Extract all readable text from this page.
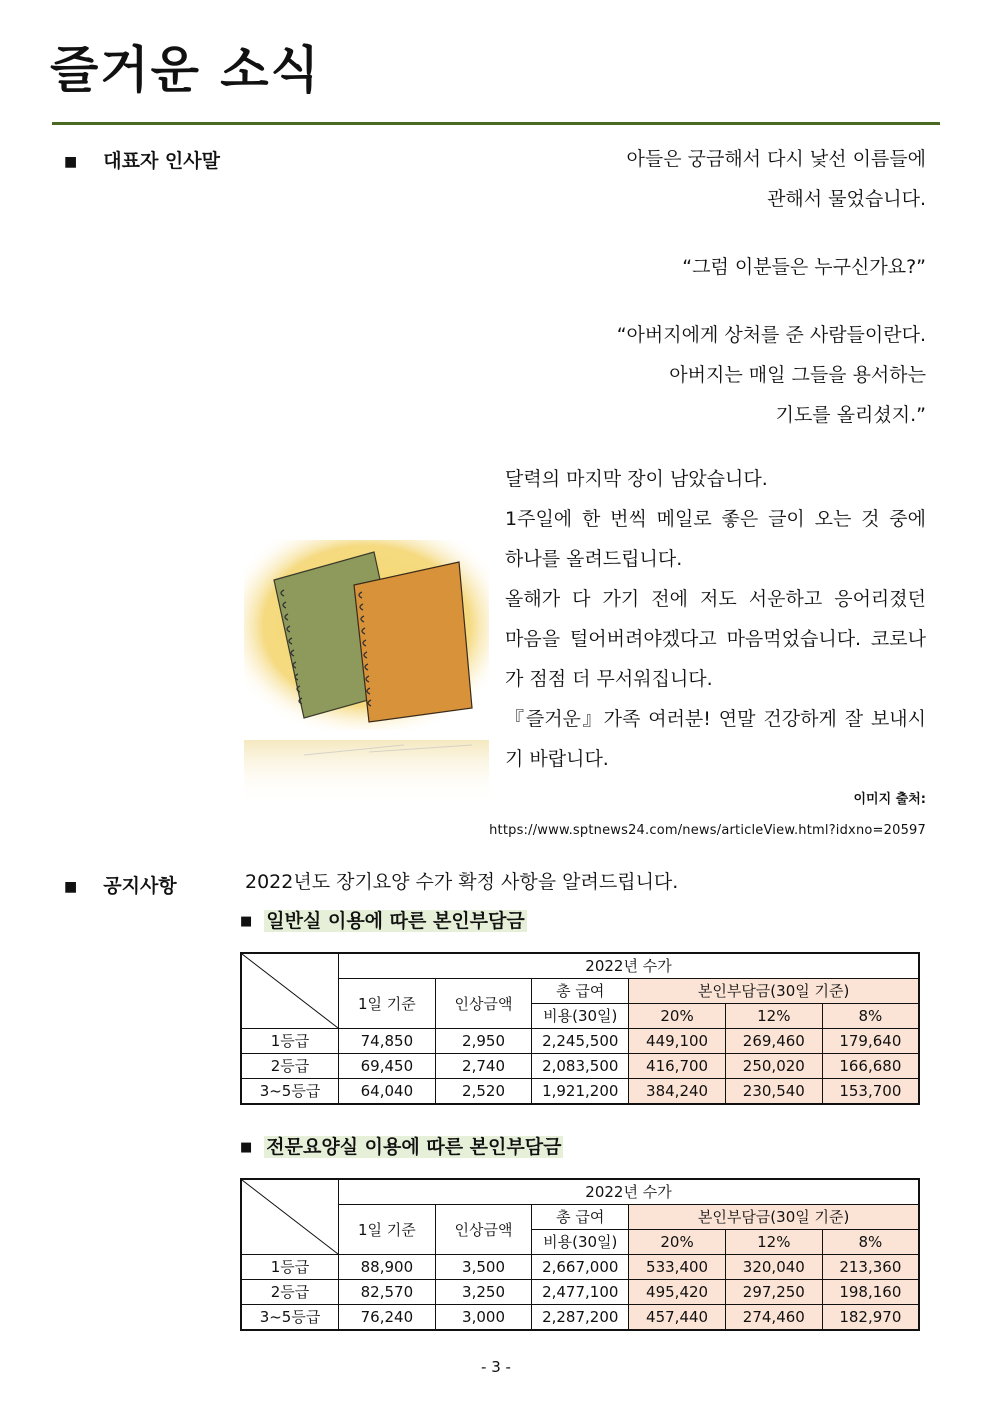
즐거운 소식
■ 대표자 인사말	아들은 궁금해서 다시 낯선 이름들에
관해서 물었습니다.
“그럼 이분들은 누구신가요?”
“아버지에게 상처를 준 사람들이란다.
아버지는 매일 그들을 용서하는
기도를 올리셨지.”
달력의 마지막 장이 남았습니다.
1주일에 한 번씩 메일로 좋은 글이 오는 것 중에
하나를 올려드립니다.
올해가 다 가기 전에 저도 서운하고 응어리졌던
마음을 털어버려야겠다고 마음먹었습니다. 코로나
가 점점 더 무서워집니다.
『즐거운』가족 여러분! 연말 건강하게 잘 보내시
기 바랍니다.
이미지 출처:
https://www.sptnews24.com/news/articleView.html?idxno=20597
■ 공지사항	2022년도 장기요양 수가 확정 사항을 알려드립니다.
■ 일반실 이용에 따른 본인부담금
	2022년 수가					
	1일 기준	인상금액	총 급여	본인부담금(30일 기준)		
			비용(30일)	20%	12%	8%
1등급	74,850	2,950	2,245,500	449,100	269,460	179,640
2등급	69,450	2,740	2,083,500	416,700	250,020	166,680
3~5등급	64,040	2,520	1,921,200	384,240	230,540	153,700
■ 전문요양실 이용에 따른 본인부담금
	2022년 수가					
	1일 기준	인상금액	총 급여	본인부담금(30일 기준)		
			비용(30일)	20%	12%	8%
1등급	88,900	3,500	2,667,000	533,400	320,040	213,360
2등급	82,570	3,250	2,477,100	495,420	297,250	198,160
3~5등급	76,240	3,000	2,287,200	457,440	274,460	182,970
- 3 -
